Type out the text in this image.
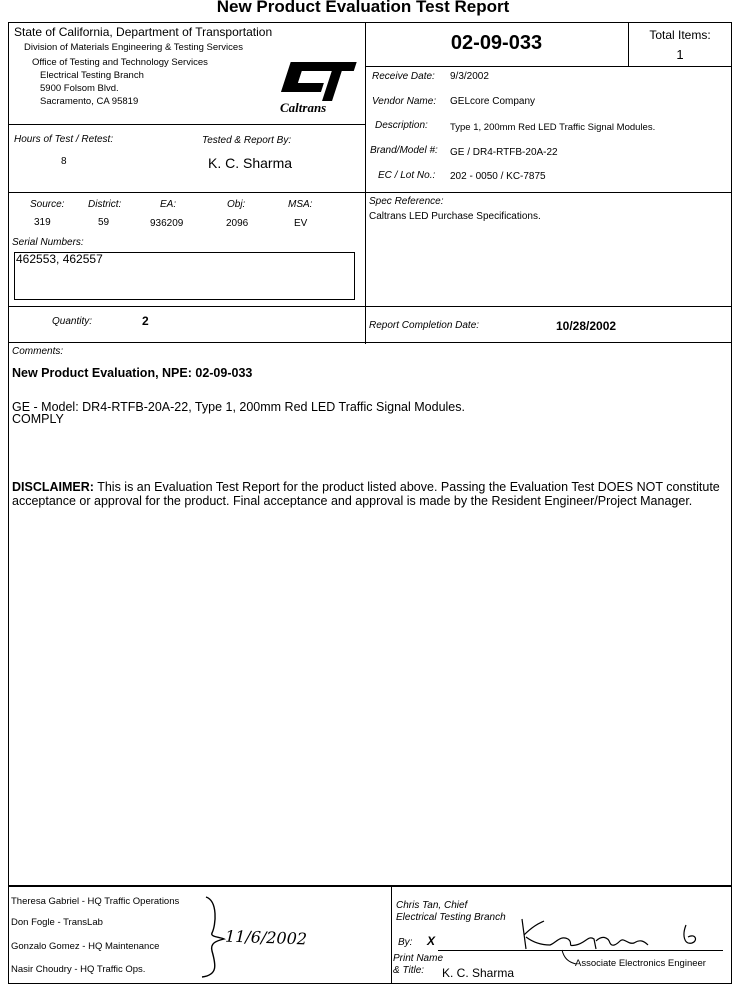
New Product Evaluation Test Report
State of California, Department of Transportation
Division of Materials Engineering & Testing Services
Office of Testing and Technology Services
Electrical Testing Branch
5900 Folsom Blvd.
Sacramento, CA 95819	Caltrans
02-09-033	Total Items:
1
Receive Date: 9/3/2002
Vendor Name: GELcore Company
Description: Type 1, 200mm Red LED Traffic Signal Modules.
Brand/Model #: GE / DR4-RTFB-20A-22
EC / Lot No.: 202 - 0050 / KC-7875
Hours of Test / Retest:
8
Tested & Report By:
K. C. Sharma
Source:
319
District:
59
EA:
936209
Obj:
2096
MSA:
EV
Spec Reference:
Caltrans LED Purchase Specifications.
Serial Numbers:
462553, 462557
Quantity:	2	Report Completion Date:	10/28/2002
Comments:
New Product Evaluation, NPE: 02-09-033
GE - Model: DR4-RTFB-20A-22, Type 1, 200mm Red LED Traffic Signal Modules.
COMPLY
DISCLAIMER: This is an Evaluation Test Report for the product listed above. Passing the Evaluation Test DOES NOT constitute acceptance or approval for the product. Final acceptance and approval is made by the Resident Engineer/Project Manager.
Theresa Gabriel - HQ Traffic Operations
Don Fogle - TransLab
Gonzalo Gomez - HQ Maintenance
Nasir Choudry - HQ Traffic Ops.
11/6/2002
Chris Tan, Chief
Electrical Testing Branch
By: X
Print Name
& Title: K. C. Sharma
Associate Electronics Engineer
